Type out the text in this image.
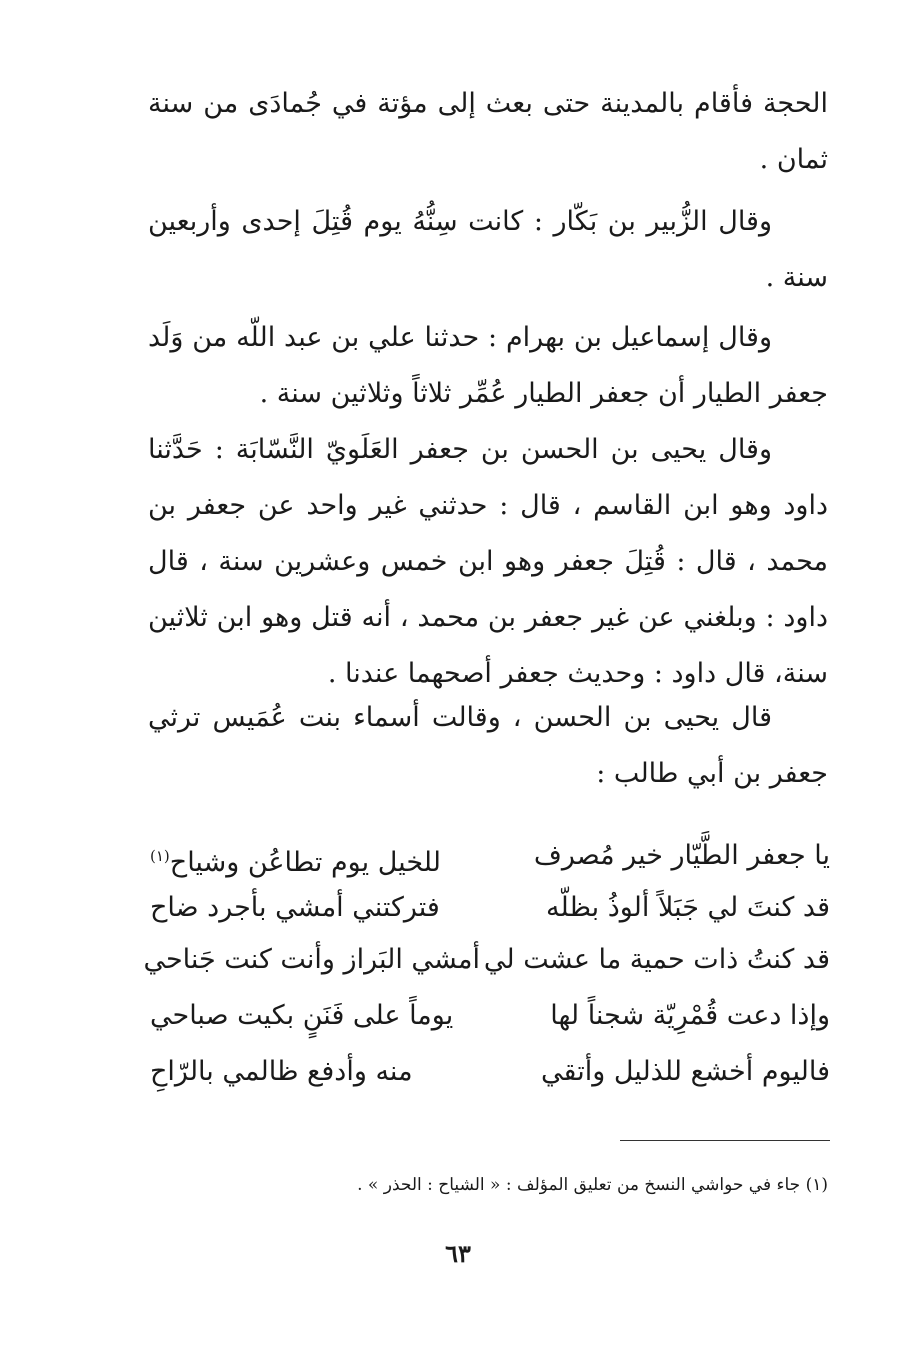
الحجة فأقام بالمدينة حتى بعث إلى مؤتة في جُمادَى من سنة ثمان .

وقال الزُّبير بن بَكّار : كانت سِنُّهُ يوم قُتِلَ إحدى وأربعين سنة .

وقال إسماعيل بن بهرام : حدثنا علي بن عبد اللّه من وَلَد جعفر الطيار أن جعفر الطيار عُمِّر ثلاثاً وثلاثين سنة .

وقال يحيى بن الحسن بن جعفر العَلَويّ النَّسّابَة : حَدَّثنا داود وهو ابن القاسم ، قال : حدثني غير واحد عن جعفر بن محمد ، قال : قُتِلَ جعفر وهو ابن خمس وعشرين سنة ، قال داود : وبلغني عن غير جعفر بن محمد ، أنه قتل وهو ابن ثلاثين سنة، قال داود : وحديث جعفر أصحهما عندنا .

قال يحيى بن الحسن ، وقالت أسماء بنت عُمَيس ترثي جعفر بن أبي طالب :

يا جعفر الطَّيّار خير مُصرف
للخيل يوم تطاعُن وشياح$^{(١)}$
قد كنتَ لي جَبَلاً ألوذُ بظلّه
فتركتني أمشي بأجرد ضاح
قد كنتُ ذات حمية ما عشت لي
أمشي البَراز وأنت كنت جَناحي
وإذا دعت قُمْرِيّة شجناً لها
يوماً على فَنَنٍ بكيت صباحي
فاليوم أخشع للذليل وأتقي
منه وأدفع ظالمي بالرّاحِ
(١) جاء في حواشي النسخ من تعليق المؤلف : « الشياح : الحذر » .
٦٣
